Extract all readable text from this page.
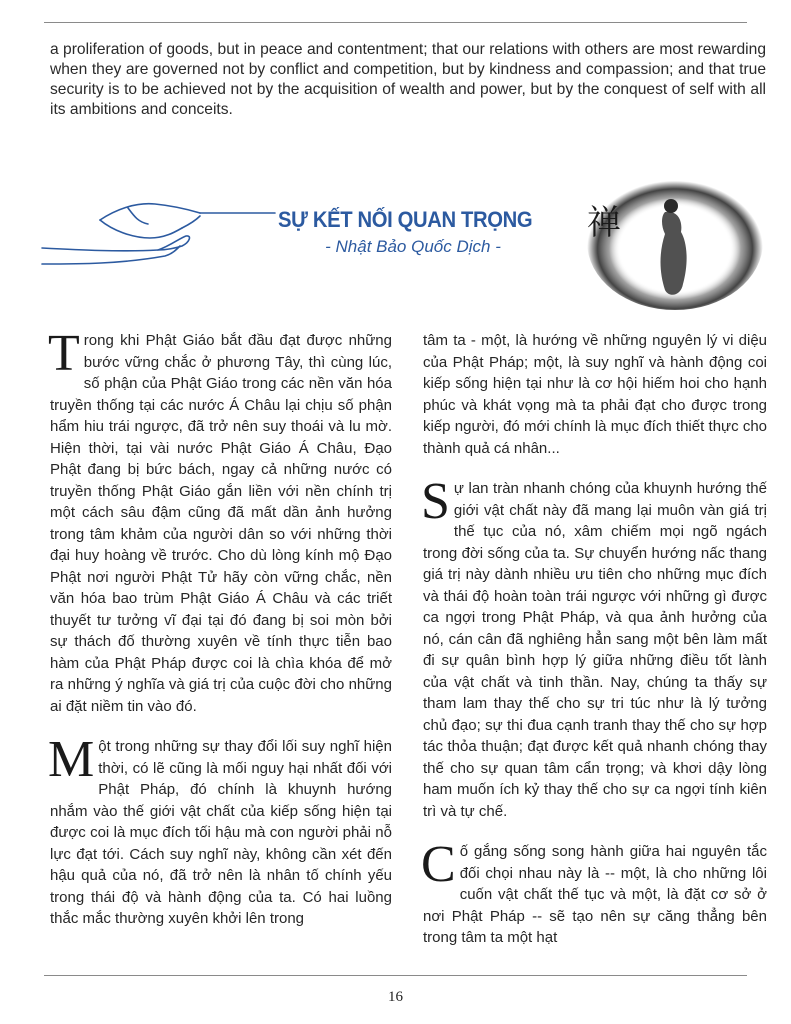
a proliferation of goods, but in peace and contentment; that our relations with others are most rewarding when they are governed not by conflict and competition, but by kindness and compassion; and that true security is to be achieved not by the acquisition of wealth and power, but by the conquest of self with all its ambitions and conceits.

SỰ KẾT NỐI QUAN TRỌNG

- Nhật Bảo Quốc Dịch -

禅

Trong khi Phật Giáo bắt đầu đạt được những bước vững chắc ở phương Tây, thì cùng lúc, số phận của Phật Giáo trong các nền văn hóa truyền thống tại các nước Á Châu lại chịu số phận hẩm hiu trái ngược, đã trở nên suy thoái và lu mờ. Hiện thời, tại vài nước Phật Giáo Á Châu, Đạo Phật đang bị bức bách, ngay cả những nước có truyền thống Phật Giáo gắn liền với nền chính trị một cách sâu đậm cũng đã mất dần ảnh hưởng trong tâm khảm của người dân so với những thời đại huy hoàng về trước. Cho dù lòng kính mộ Đạo Phật nơi người Phật Tử hãy còn vững chắc, nền văn hóa bao trùm Phật Giáo Á Châu và các triết thuyết tư tưởng vĩ đại tại đó đang bị soi mòn bởi sự thách đố thường xuyên về tính thực tiễn bao hàm của Phật Pháp được coi là chìa khóa để mở ra những ý nghĩa và giá trị của cuộc đời cho những ai đặt niềm tin vào đó.

Một trong những sự thay đổi lối suy nghĩ hiện thời, có lẽ cũng là mối nguy hại nhất đối với Phật Pháp, đó chính là khuynh hướng nhắm vào thế giới vật chất của kiếp sống hiện tại được coi là mục đích tối hậu mà con người phải nỗ lực đạt tới. Cách suy nghĩ này, không cần xét đến hậu quả của nó, đã trở nên là nhân tố chính yếu trong thái độ và hành động của ta. Có hai luồng thắc mắc thường xuyên khởi lên trong

tâm ta - một, là hướng về những nguyên lý vi diệu của Phật Pháp; một, là suy nghĩ và hành động coi kiếp sống hiện tại như là cơ hội hiếm hoi cho hạnh phúc và khát vọng mà ta phải đạt cho được trong kiếp người, đó mới chính là mục đích thiết thực cho thành quả cá nhân...

Sự lan tràn nhanh chóng của khuynh hướng thế giới vật chất này đã mang lại muôn vàn giá trị thế tục của nó, xâm chiếm mọi ngõ ngách trong đời sống của ta. Sự chuyển hướng nấc thang giá trị này dành nhiều ưu tiên cho những mục đích và thái độ hoàn toàn trái ngược với những gì được ca ngợi trong Phật Pháp, và qua ảnh hưởng của nó, cán cân đã nghiêng hẳn sang một bên làm mất đi sự quân bình hợp lý giữa những điều tốt lành của vật chất và tinh thần. Nay, chúng ta thấy sự tham lam thay thế cho sự tri túc như là lý tưởng chủ đạo; sự thi đua cạnh tranh thay thế cho sự hợp tác thỏa thuận; đạt được kết quả nhanh chóng thay thế cho sự quan tâm cẩn trọng; và khơi dậy lòng ham muốn ích kỷ thay thế cho sự ca ngợi tính kiên trì và tự chế.

Cố gắng sống song hành giữa hai nguyên tắc đối chọi nhau này là -- một, là cho những lôi cuốn vật chất thế tục và một, là đặt cơ sở ở nơi Phật Pháp -- sẽ tạo nên sự căng thẳng bên trong tâm ta một hạt

16
